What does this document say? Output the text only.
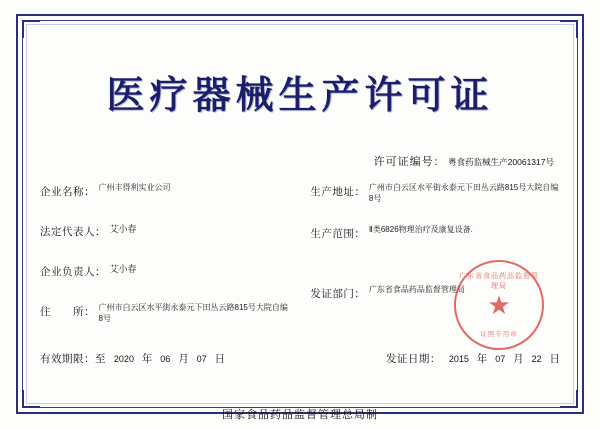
医疗器械生产许可证
许可证编号： 粤食药监械生产20061317号
企业名称 ： 广州丰得利实业公司
法定代表人 ： 艾小春
企业负责人 ： 艾小春
住　　所 ： 广州市白云区水平街永泰元下田丛云路815号大院自编8号
生产地址 ： 广州市白云区水平街永泰元下田丛云路815号大院自编8号
生产范围 ： Ⅱ类6826物理治疗及康复设备.
发证部门 ： 广东省食品药品监督管理局
有效期限：至 2020 年 06 月 07 日	发证日期： 2015 年 07 月 22 日
广东省食品药品监督管理局
★
证照专用章
国家食品药品监督管理总局制
